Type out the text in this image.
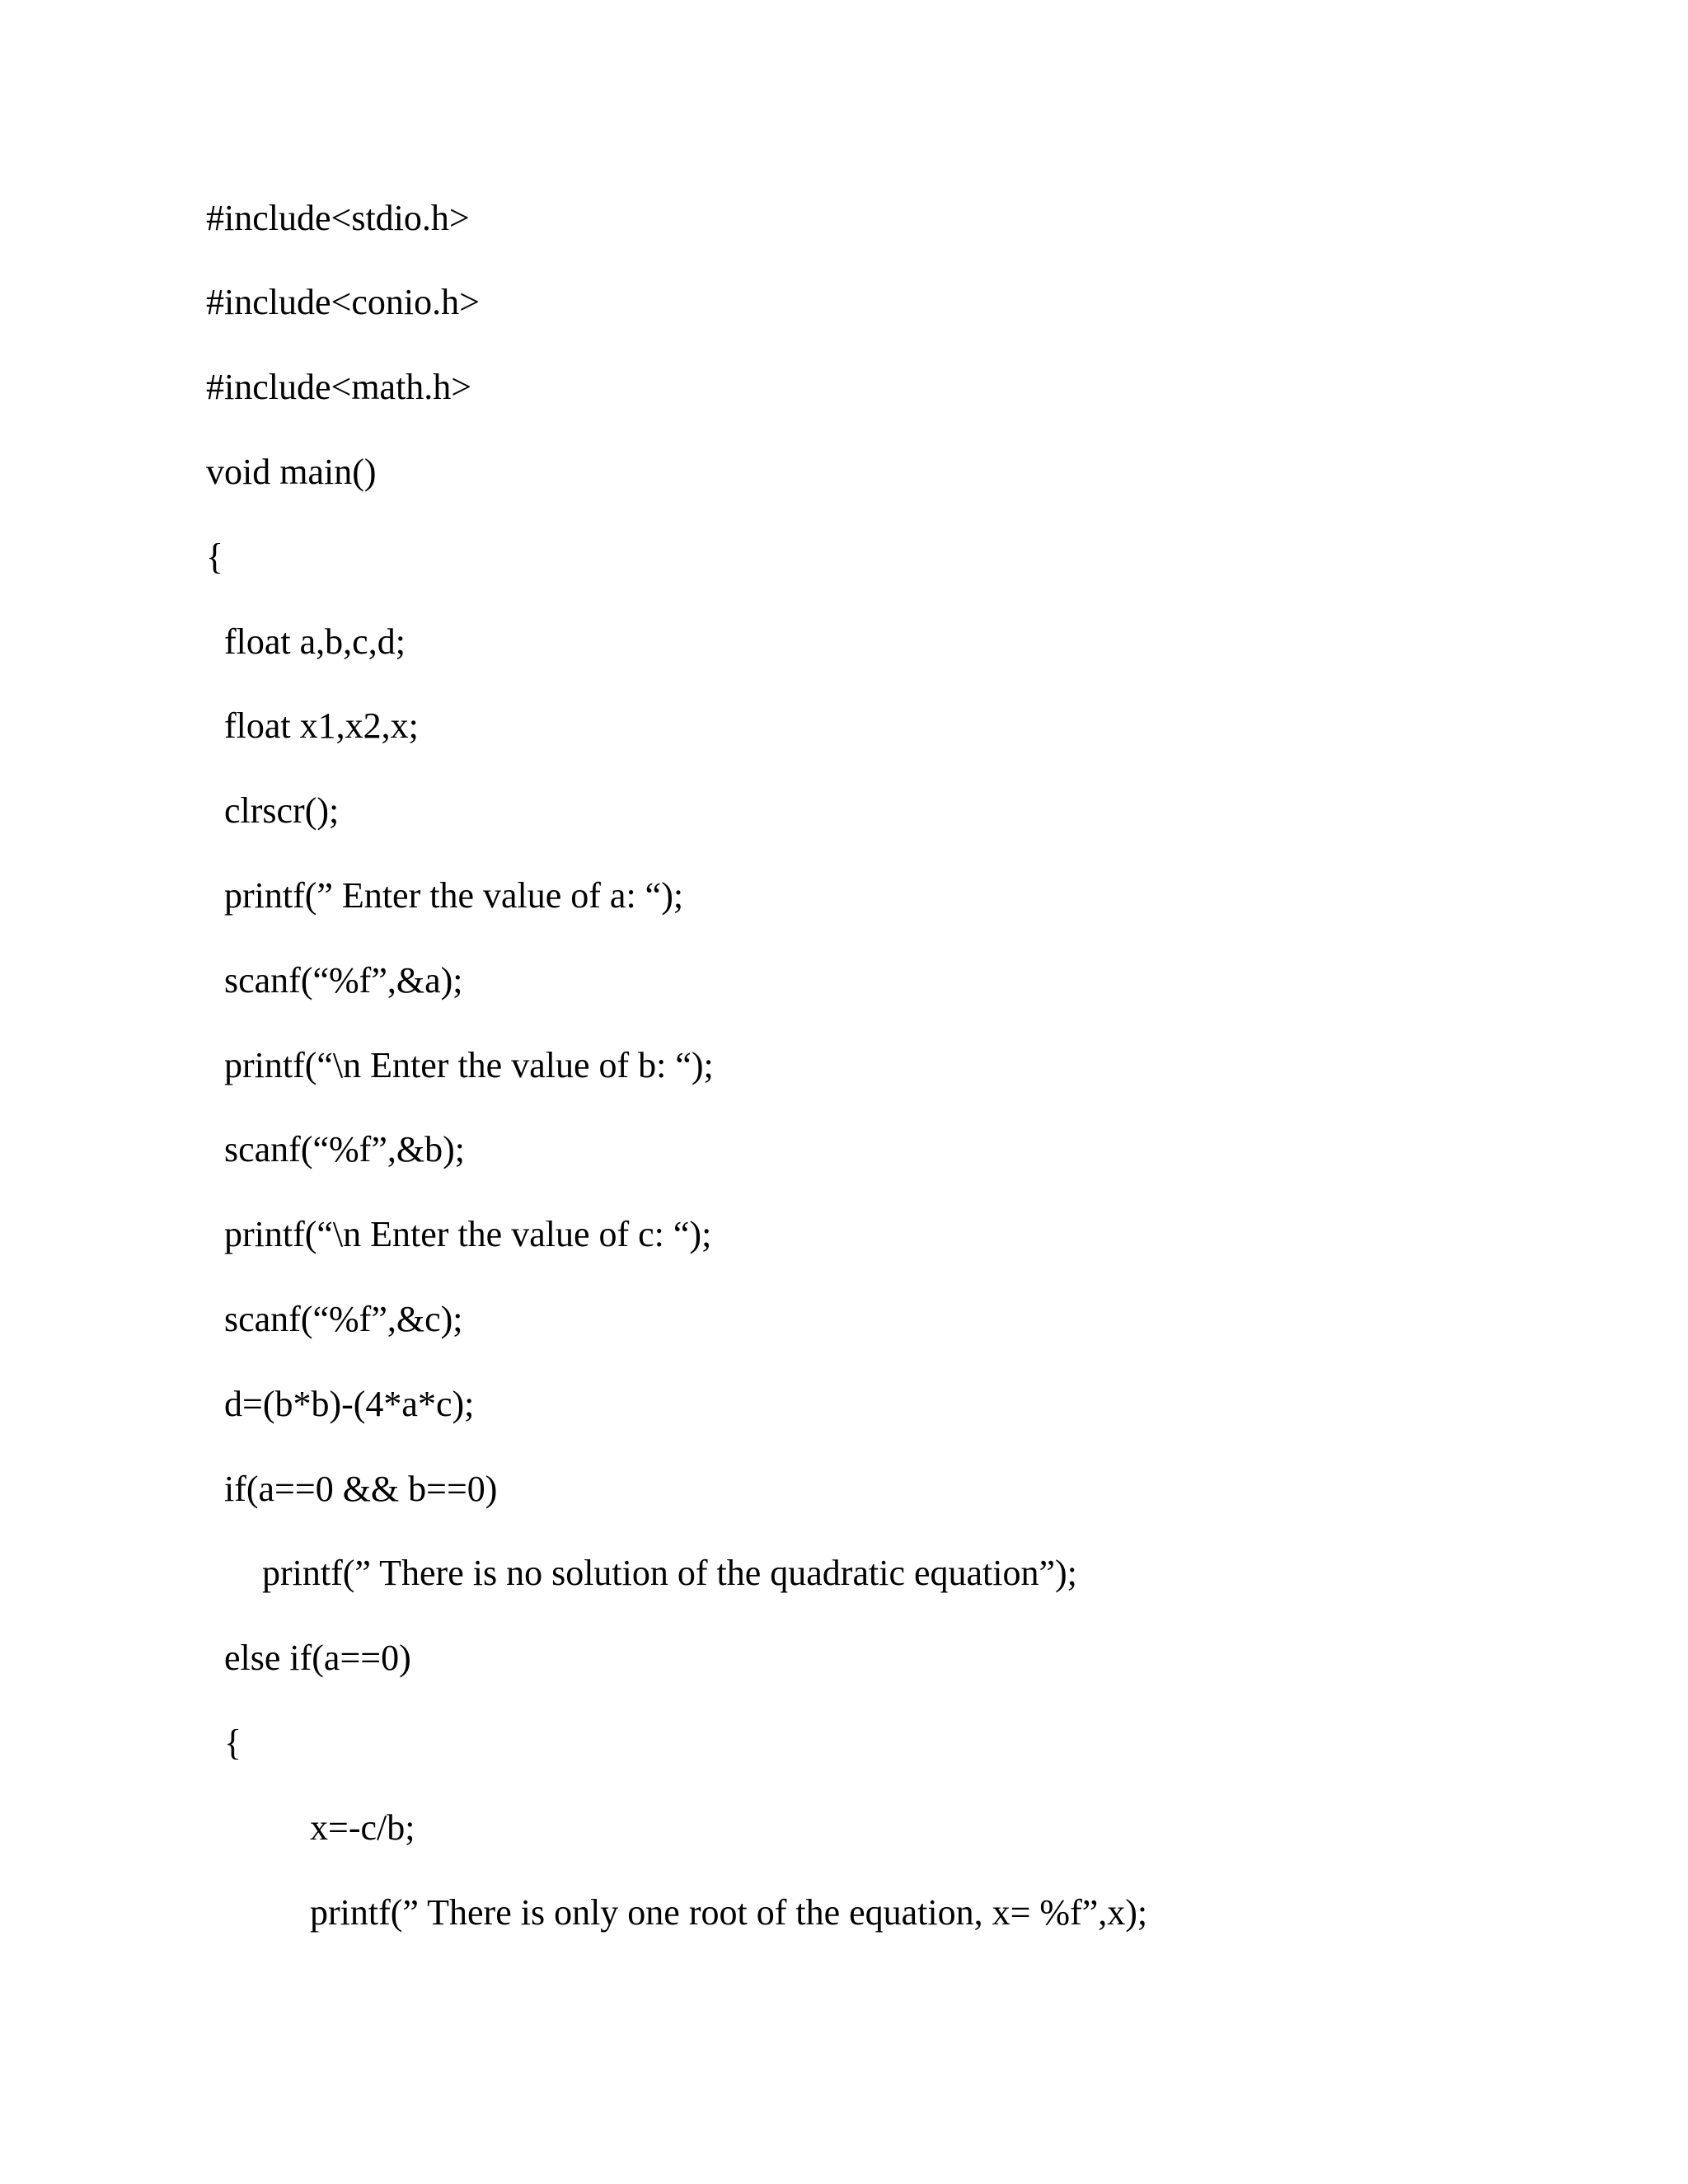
#include<stdio.h>

#include<conio.h>

#include<math.h>

void main()

{

float a,b,c,d;

float x1,x2,x;

clrscr();

printf(” Enter the value of a: “);

scanf(“%f”,&a);

printf(“\n Enter the value of b: “);

scanf(“%f”,&b);

printf(“\n Enter the value of c: “);

scanf(“%f”,&c);

d=(b*b)-(4*a*c);

if(a==0 && b==0)

printf(” There is no solution of the quadratic equation”);

else if(a==0)

{

x=-c/b;

printf(” There is only one root of the equation, x= %f”,x);
